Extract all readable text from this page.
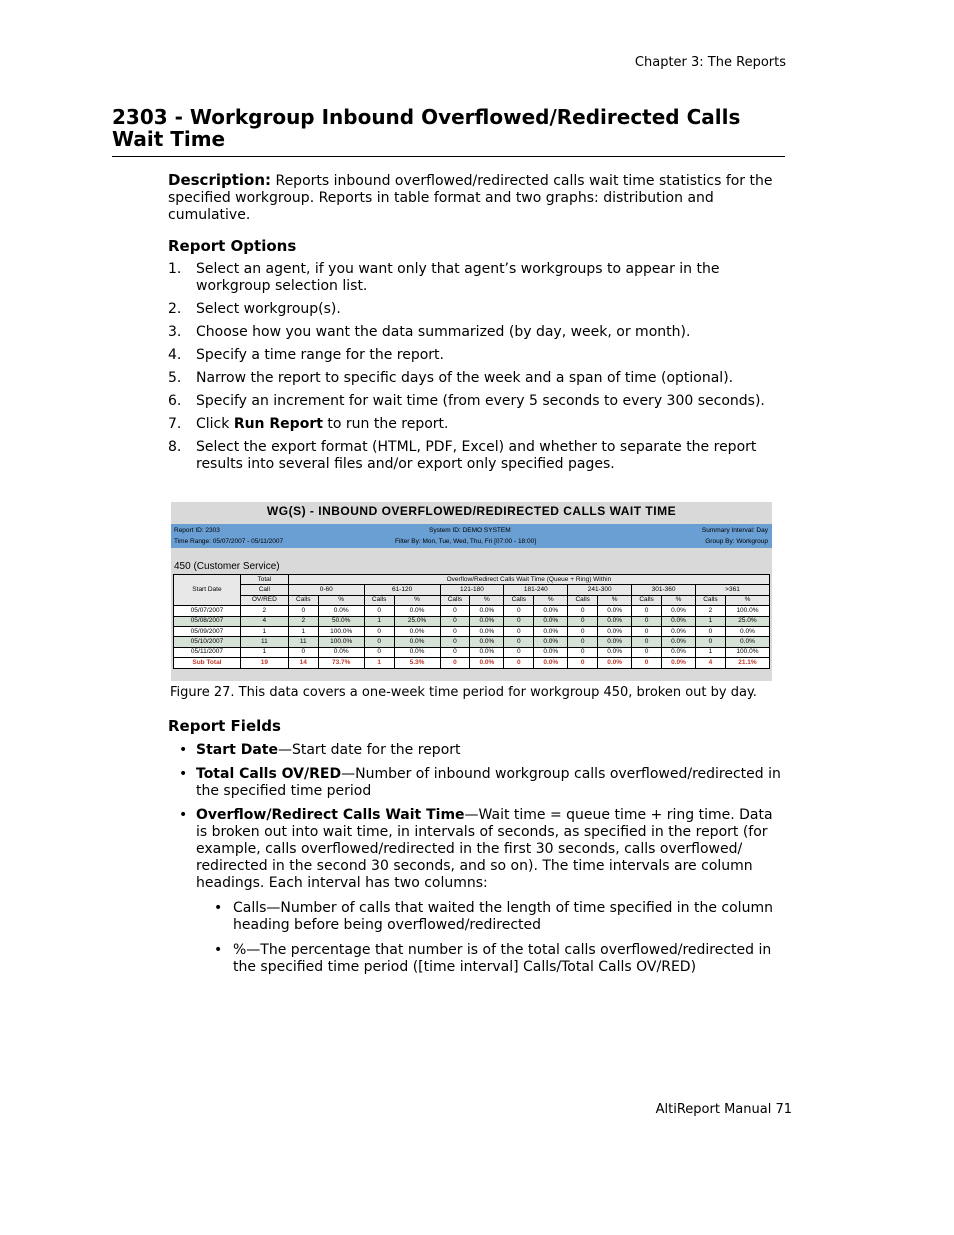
Chapter 3: The Reports
2303 - Workgroup Inbound Overflowed/Redirected Calls Wait Time
Description: Reports inbound overflowed/redirected calls wait time statistics for the specified workgroup. Reports in table format and two graphs: distribution and cumulative.
Report Options
1. Select an agent, if you want only that agent’s workgroups to appear in the workgroup selection list.
2. Select workgroup(s).
3. Choose how you want the data summarized (by day, week, or month).
4. Specify a time range for the report.
5. Narrow the report to specific days of the week and a span of time (optional).
6. Specify an increment for wait time (from every 5 seconds to every 300 seconds).
7. Click Run Report to run the report.
8. Select the export format (HTML, PDF, Excel) and whether to separate the report results into several files and/or export only specified pages.
WG(S) - INBOUND OVERFLOWED/REDIRECTED CALLS WAIT TIME
Report ID: 2303	System ID: DEMO SYSTEM	Summary Interval: Day
Time Range: 05/07/2007 - 05/11/2007	Filter By: Mon, Tue, Wed, Thu, Fri [07:00 - 18:00]	Group By: Workgroup
450 (Customer Service)
Start Date	Total	Overflow/Redirect Calls Wait Time (Queue + Ring) Within													
	Call	0-60		61-120		121-180		181-240		241-300		301-360		>361	
	OV/RED	Calls	%	Calls	%	Calls	%	Calls	%	Calls	%	Calls	%	Calls	%
05/07/2007	2	0	0.0%	0	0.0%	0	0.0%	0	0.0%	0	0.0%	0	0.0%	2	100.0%
05/08/2007	4	2	50.0%	1	25.0%	0	0.0%	0	0.0%	0	0.0%	0	0.0%	1	25.0%
05/09/2007	1	1	100.0%	0	0.0%	0	0.0%	0	0.0%	0	0.0%	0	0.0%	0	0.0%
05/10/2007	11	11	100.0%	0	0.0%	0	0.0%	0	0.0%	0	0.0%	0	0.0%	0	0.0%
05/11/2007	1	0	0.0%	0	0.0%	0	0.0%	0	0.0%	0	0.0%	0	0.0%	1	100.0%
Sub Total	19	14	73.7%	1	5.3%	0	0.0%	0	0.0%	0	0.0%	0	0.0%	4	21.1%
Figure 27. This data covers a one-week time period for workgroup 450, broken out by day.
Report Fields
• Start Date—Start date for the report
• Total Calls OV/RED—Number of inbound workgroup calls overflowed/redirected in the specified time period
• Overflow/Redirect Calls Wait Time—Wait time = queue time + ring time. Data is broken out into wait time, in intervals of seconds, as specified in the report (for example, calls overflowed/redirected in the first 30 seconds, calls overflowed/ redirected in the second 30 seconds, and so on). The time intervals are column headings. Each interval has two columns:
• Calls—Number of calls that waited the length of time specified in the column heading before being overflowed/redirected
• %—The percentage that number is of the total calls overflowed/redirected in the specified time period ([time interval] Calls/Total Calls OV/RED)
AltiReport Manual 71
